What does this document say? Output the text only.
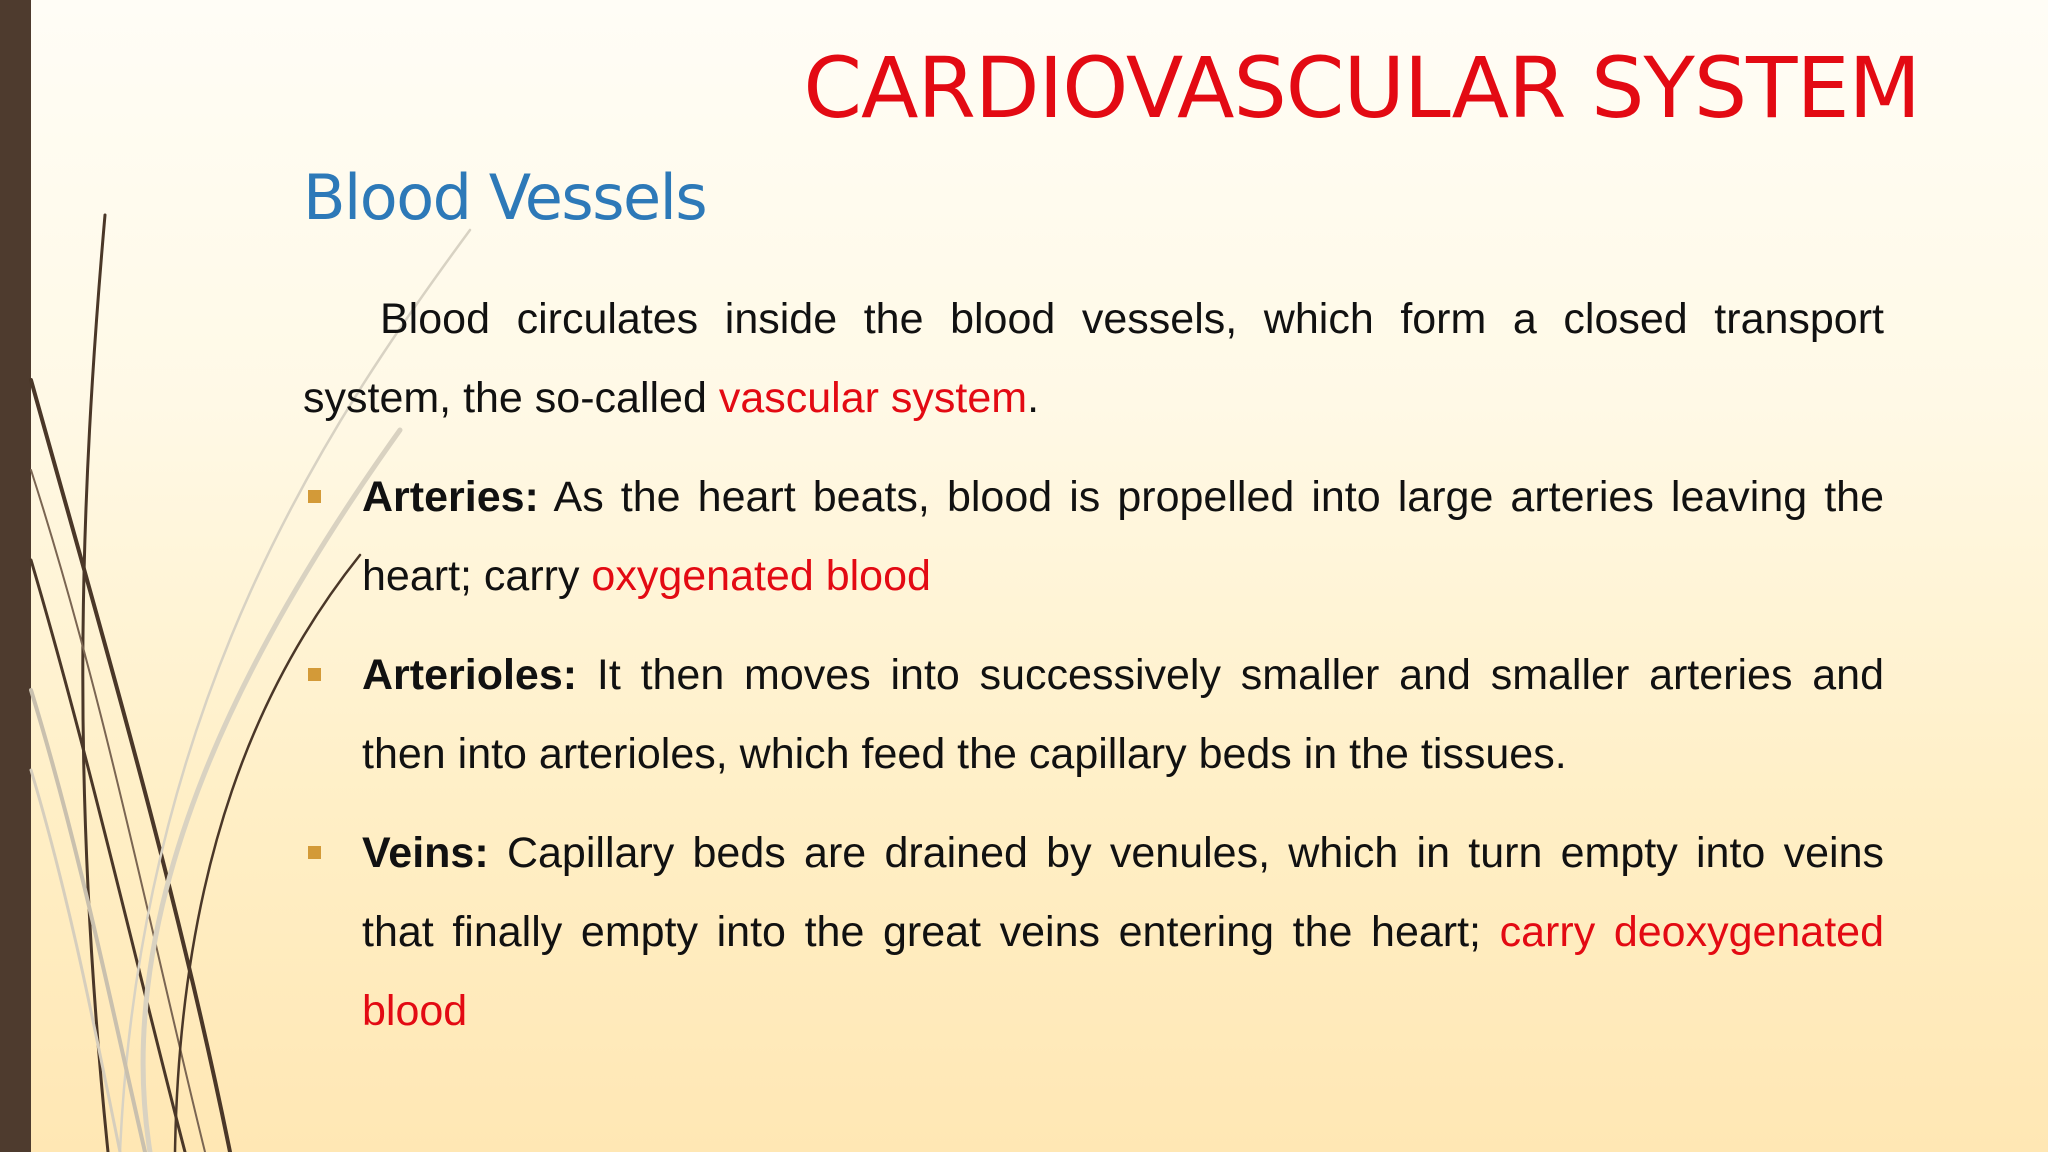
CARDIOVASCULAR SYSTEM
Blood Vessels

Blood circulates inside the blood vessels, which form a closed transport system, the so-called vascular system.

Arteries: As the heart beats, blood is propelled into large arteries leaving the heart; carry oxygenated blood
Arterioles: It then moves into successively smaller and smaller arteries and then into arterioles, which feed the capillary beds in the tissues.
Veins: Capillary beds are drained by venules, which in turn empty into veins that finally empty into the great veins entering the heart; carry deoxygenated blood
